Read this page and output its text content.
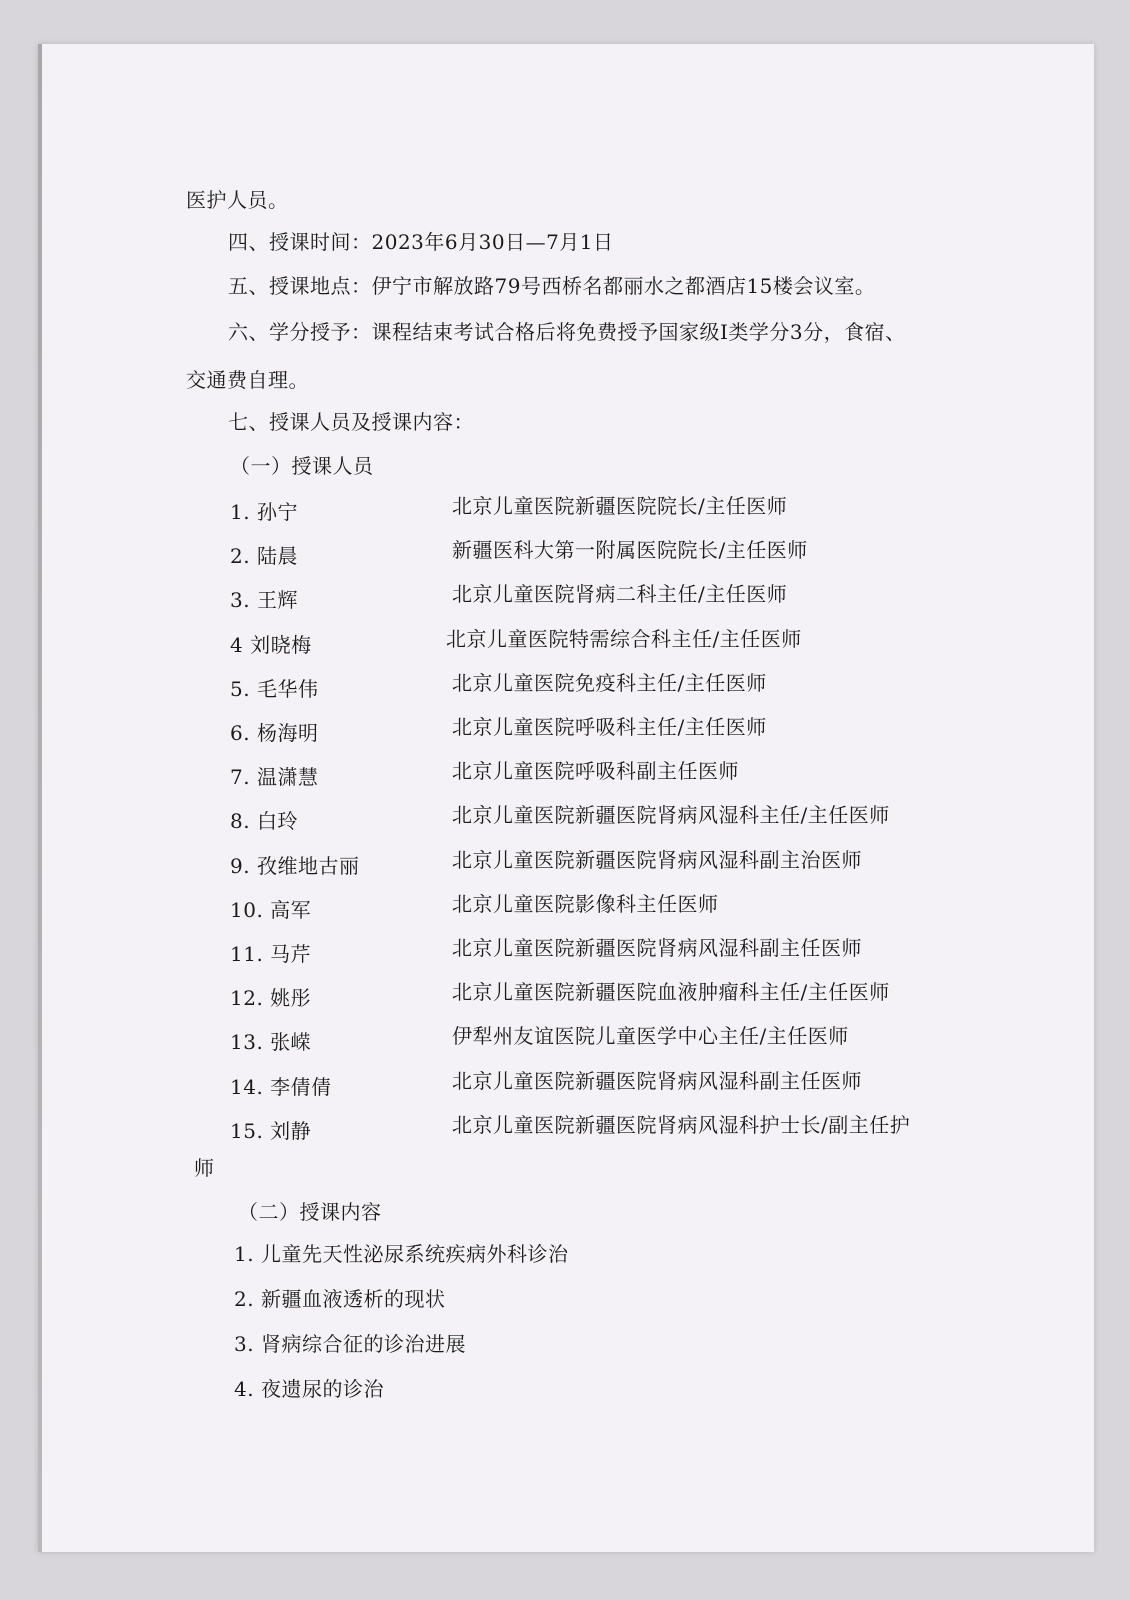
医护人员。
四、授课时间：2023年6月30日—7月1日
五、授课地点：伊宁市解放路79号西桥名都丽水之都酒店15楼会议室。
六、学分授予：课程结束考试合格后将免费授予国家级Ⅰ类学分3分，食宿、
交通费自理。
七、授课人员及授课内容：
（一）授课人员
1. 孙宁	北京儿童医院新疆医院院长/主任医师
2. 陆晨	新疆医科大第一附属医院院长/主任医师
3. 王辉	北京儿童医院肾病二科主任/主任医师
4 刘晓梅	北京儿童医院特需综合科主任/主任医师
5. 毛华伟	北京儿童医院免疫科主任/主任医师
6. 杨海明	北京儿童医院呼吸科主任/主任医师
7. 温潇慧	北京儿童医院呼吸科副主任医师
8. 白玲	北京儿童医院新疆医院肾病风湿科主任/主任医师
9. 孜维地古丽	北京儿童医院新疆医院肾病风湿科副主治医师
10. 高军	北京儿童医院影像科主任医师
11. 马芹	北京儿童医院新疆医院肾病风湿科副主任医师
12. 姚彤	北京儿童医院新疆医院血液肿瘤科主任/主任医师
13. 张嵘	伊犁州友谊医院儿童医学中心主任/主任医师
14. 李倩倩	北京儿童医院新疆医院肾病风湿科副主任医师
15. 刘静	北京儿童医院新疆医院肾病风湿科护士长/副主任护
师
（二）授课内容
1. 儿童先天性泌尿系统疾病外科诊治
2. 新疆血液透析的现状
3. 肾病综合征的诊治进展
4. 夜遗尿的诊治
